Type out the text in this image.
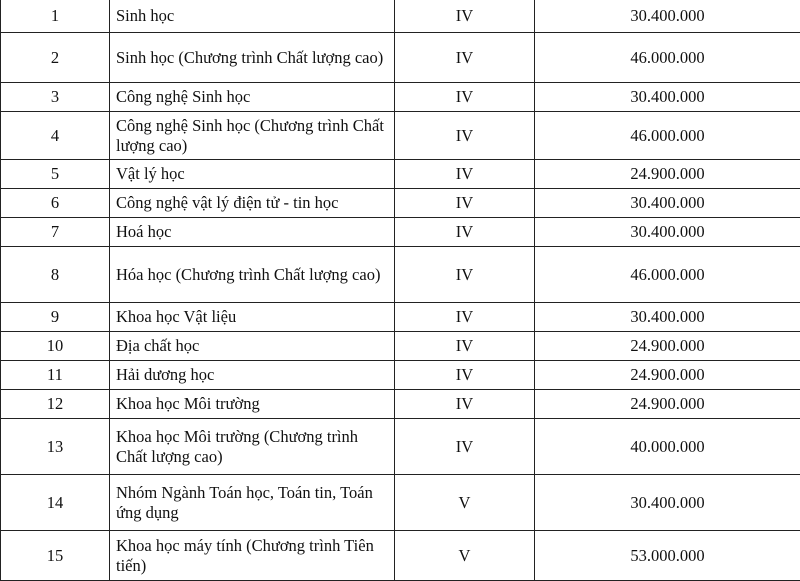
1	Sinh học	IV	30.400.000
2	Sinh học (Chương trình Chất lượng cao)	IV	46.000.000
3	Công nghệ Sinh học	IV	30.400.000
4	Công nghệ Sinh học (Chương trình Chất lượng cao)	IV	46.000.000
5	Vật lý học	IV	24.900.000
6	Công nghệ vật lý điện tử - tin học	IV	30.400.000
7	Hoá học	IV	30.400.000
8	Hóa học (Chương trình Chất lượng cao)	IV	46.000.000
9	Khoa học Vật liệu	IV	30.400.000
10	Địa chất học	IV	24.900.000
11	Hải dương học	IV	24.900.000
12	Khoa học Môi trường	IV	24.900.000
13	Khoa học Môi trường (Chương trình Chất lượng cao)	IV	40.000.000
14	Nhóm Ngành Toán học, Toán tin, Toán ứng dụng	V	30.400.000
15	Khoa học máy tính (Chương trình Tiên tiến)	V	53.000.000
